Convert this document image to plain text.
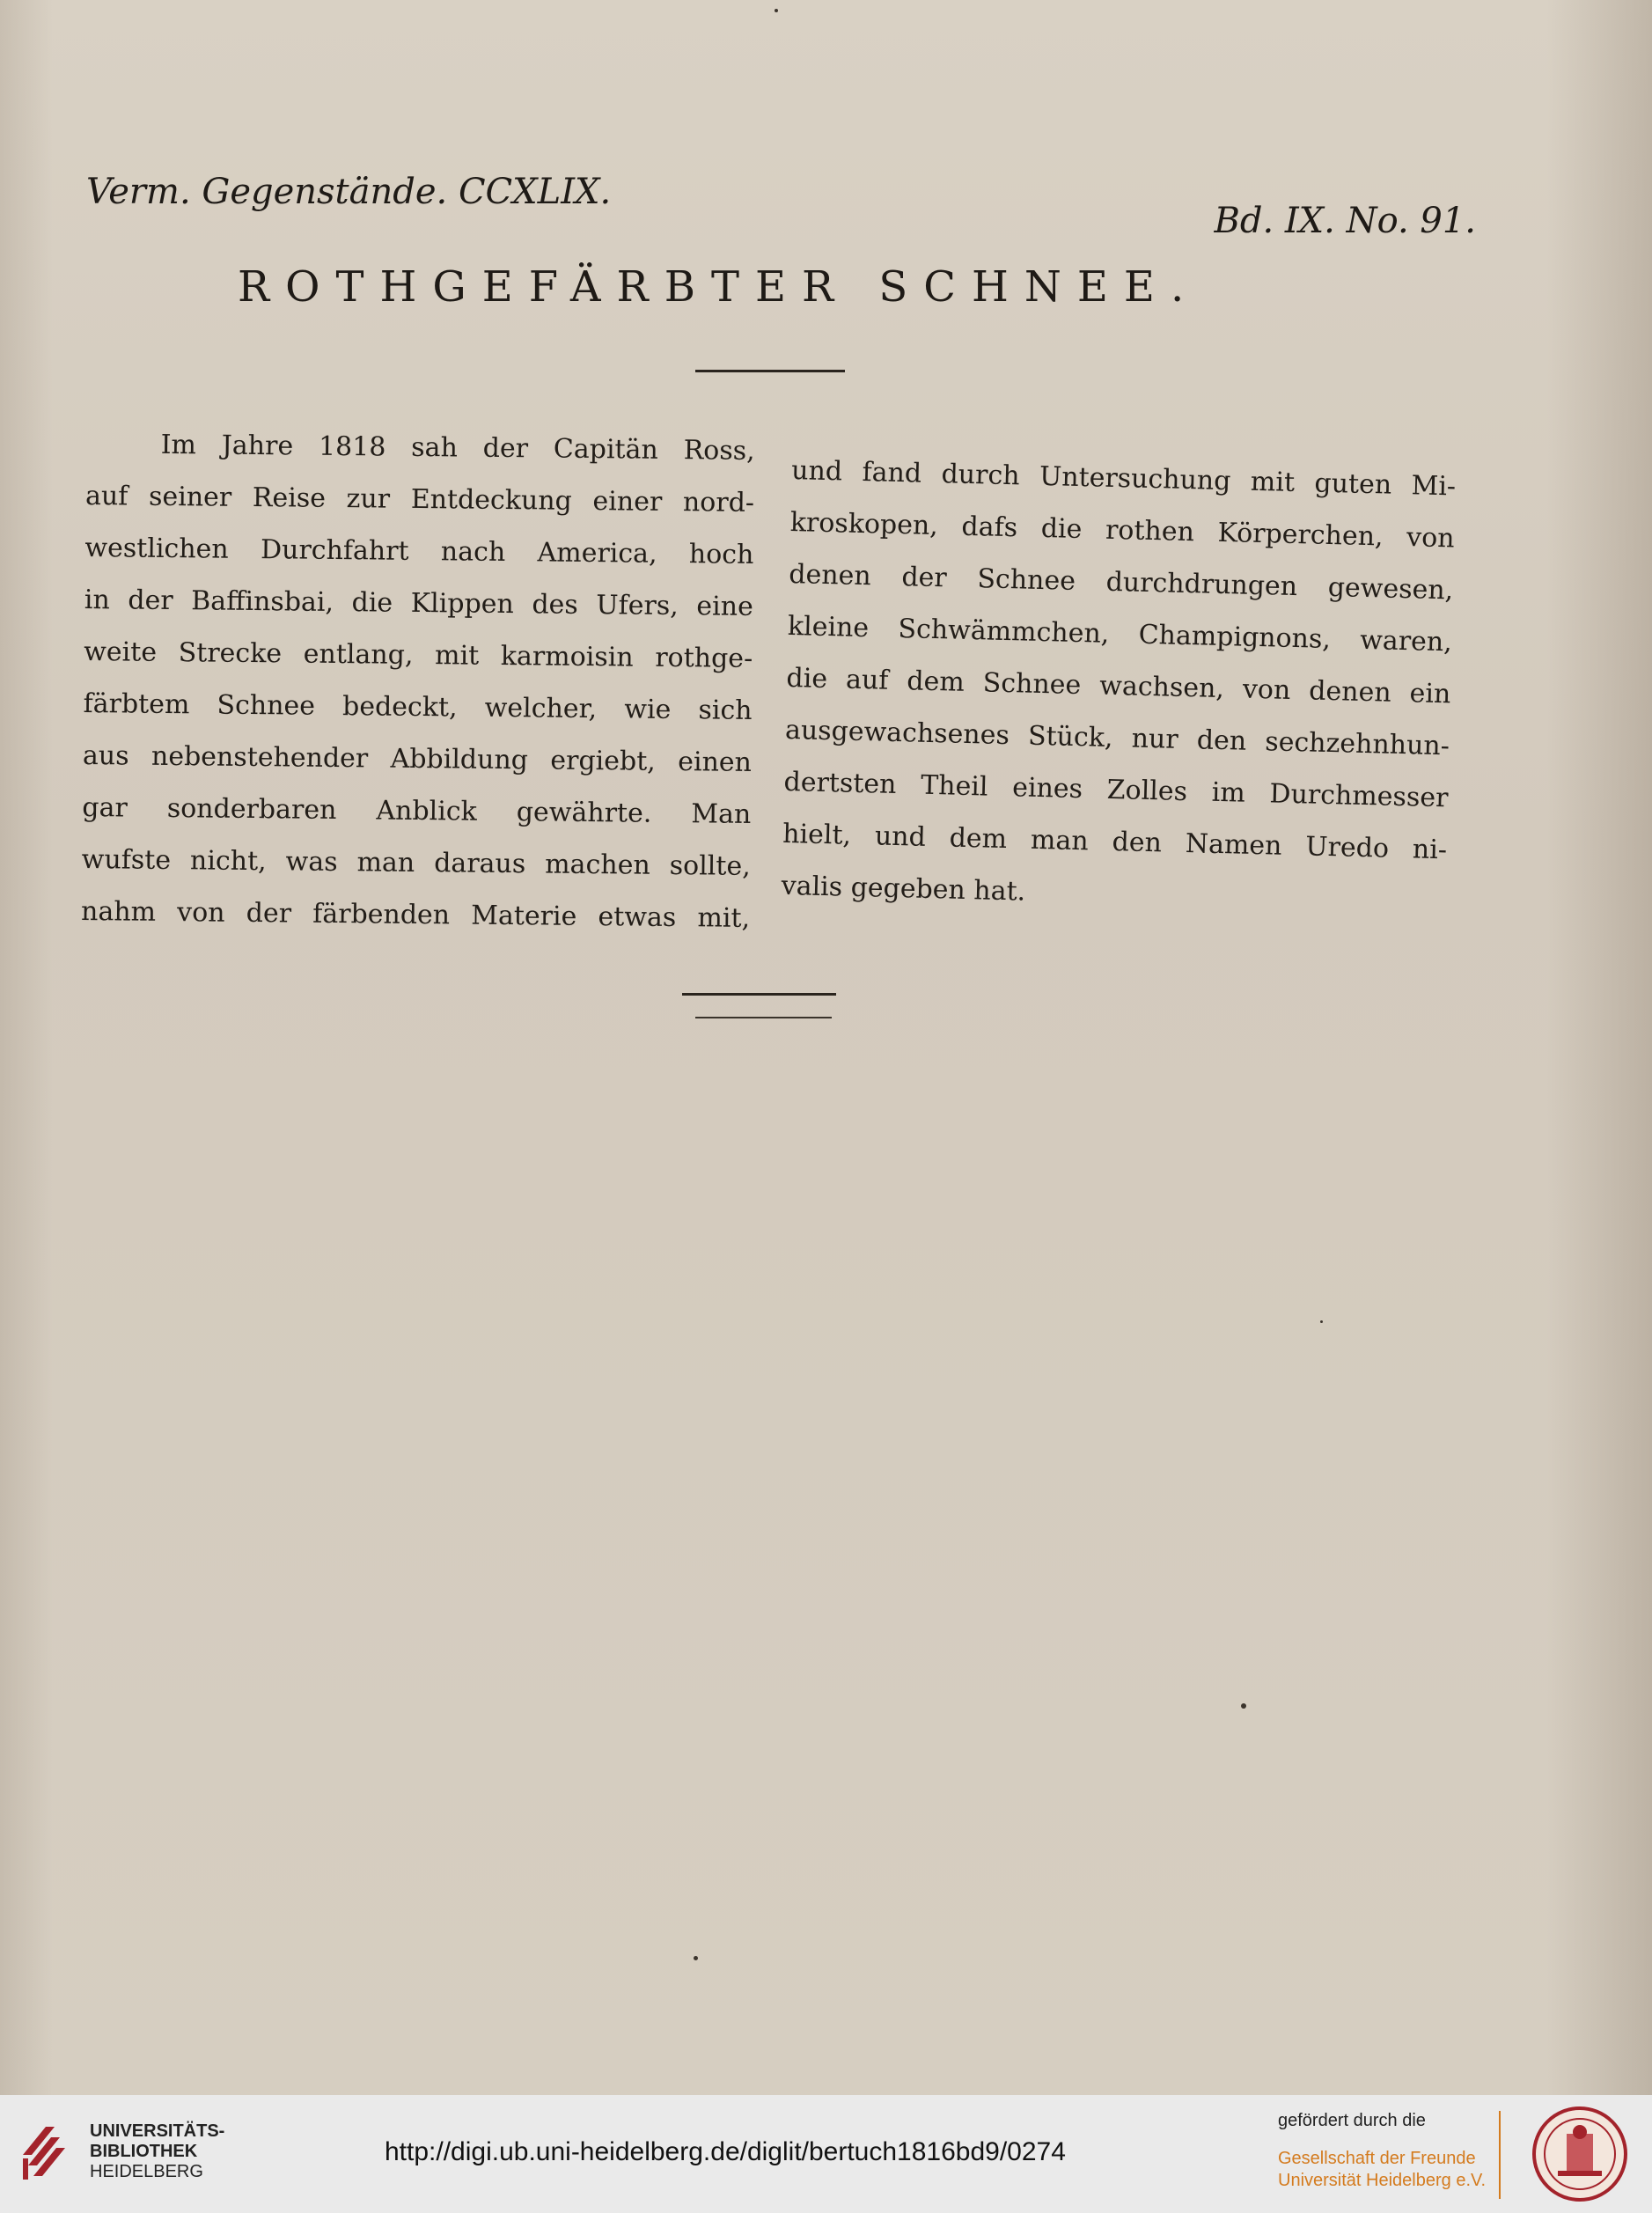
Verm. Gegenstände. CCXLIX.
Bd. IX. No. 91.
ROTHGEFÄRBTER SCHNEE.
Im Jahre 1818 sah der Capitän Ross,
auf seiner Reise zur Entdeckung einer nord-
westlichen Durchfahrt nach America, hoch
in der Baffinsbai, die Klippen des Ufers, eine
weite Strecke entlang, mit karmoisin rothge-
färbtem Schnee bedeckt, welcher, wie sich
aus nebenstehender Abbildung ergiebt, einen
gar sonderbaren Anblick gewährte. Man
wufste nicht, was man daraus machen sollte,
nahm von der färbenden Materie etwas mit,
und fand durch Untersuchung mit guten Mi-
kroskopen, dafs die rothen Körperchen, von
denen der Schnee durchdrungen gewesen,
kleine Schwämmchen, Champignons, waren,
die auf dem Schnee wachsen, von denen ein
ausgewachsenes Stück, nur den sechzehnhun-
dertsten Theil eines Zolles im Durchmesser
hielt, und dem man den Namen Uredo ni-
valis gegeben hat.
UNIVERSITÄTS-
BIBLIOTHEK
HEIDELBERG
http://digi.ub.uni-heidelberg.de/diglit/bertuch1816bd9/0274
gefördert durch die
Gesellschaft der Freunde
Universität Heidelberg e.V.
